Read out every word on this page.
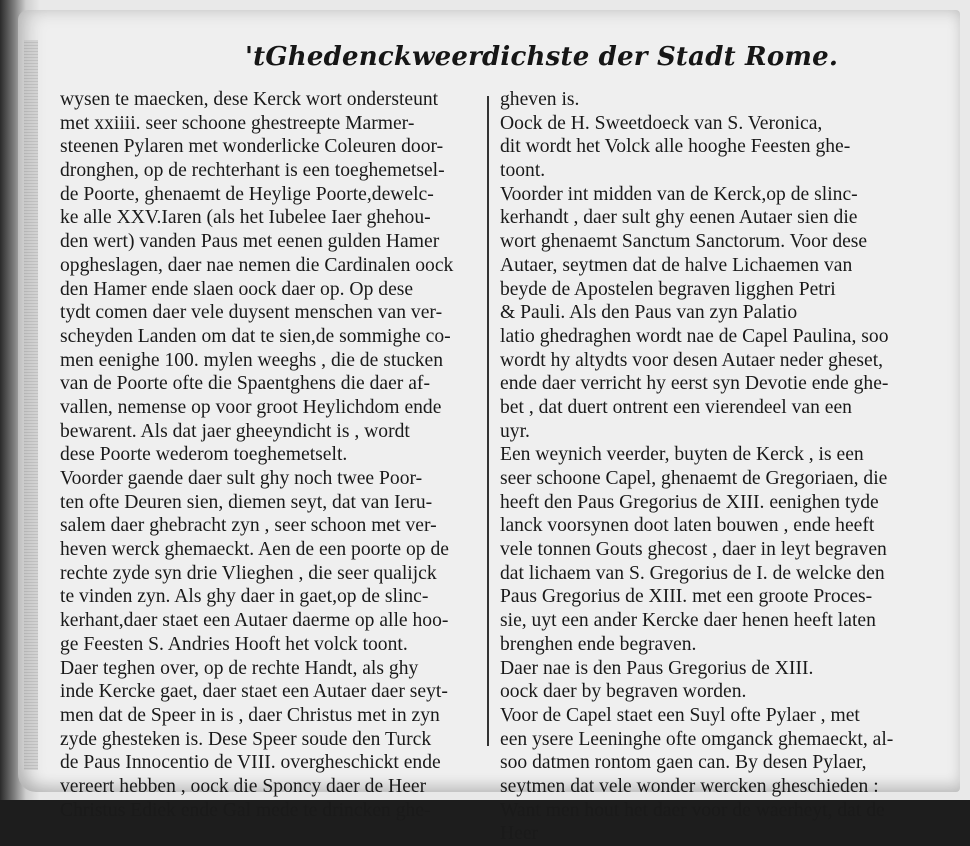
'tGhedenckweerdichste der Stadt Rome.
wysen te maecken, dese Kerck wort ondersteunt
met xxiiii. seer schoone ghestreepte Marmer-
steenen Pylaren met wonderlicke Coleuren door-
dronghen, op de rechterhant is een toeghemetsel-
de Poorte, ghenaemt de Heylige Poorte,dewelc-
ke alle XXV.Iaren (als het Iubelee Iaer ghehou-
den wert) vanden Paus met eenen gulden Hamer
opgheslagen, daer nae nemen die Cardinalen oock
den Hamer ende slaen oock daer op. Op dese
tydt comen daer vele duysent menschen van ver-
scheyden Landen om dat te sien,de sommighe co-
men eenighe 100. mylen weeghs , die de stucken
van de Poorte ofte die Spaentghens die daer af-
vallen, nemense op voor groot Heylichdom ende
bewarent. Als dat jaer gheeyndicht is , wordt
dese Poorte wederom toeghemetselt.
Voorder gaende daer sult ghy noch twee Poor-
ten ofte Deuren sien, diemen seyt, dat van Ieru-
salem daer ghebracht zyn , seer schoon met ver-
heven werck ghemaeckt. Aen de een poorte op de
rechte zyde syn drie Vlieghen , die seer qualijck
te vinden zyn. Als ghy daer in gaet,op de slinc-
kerhant,daer staet een Autaer daerme op alle hoo-
ge Feesten S. Andries Hooft het volck toont.
Daer teghen over, op de rechte Handt, als ghy
inde Kercke gaet, daer staet een Autaer daer seyt-
men dat de Speer in is , daer Christus met in zyn
zyde ghesteken is. Dese Speer soude den Turck
de Paus Innocentio de VIII. overgheschickt ende
vereert hebben , oock die Sponcy daer de Heer
Christus Ediek ende Gal mede te drincken ghe-
gheven is.
Oock de H. Sweetdoeck van S. Veronica,
dit wordt het Volck alle hooghe Feesten ghe-
toont.
Voorder int midden van de Kerck,op de slinc-
kerhandt , daer sult ghy eenen Autaer sien die
wort ghenaemt Sanctum Sanctorum. Voor dese
Autaer, seytmen dat de halve Lichaemen van
beyde de Apostelen begraven ligghen Petri
& Pauli. Als den Paus van zyn Palatio
latio ghedraghen wordt nae de Capel Paulina, soo
wordt hy altydts voor desen Autaer neder gheset,
ende daer verricht hy eerst syn Devotie ende ghe-
bet , dat duert ontrent een vierendeel van een
uyr.
Een weynich veerder, buyten de Kerck , is een
seer schoone Capel, ghenaemt de Gregoriaen, die
heeft den Paus Gregorius de XIII. eenighen tyde
lanck voorsynen doot laten bouwen , ende heeft
vele tonnen Gouts ghecost , daer in leyt begraven
dat lichaem van S. Gregorius de I. de welcke den
Paus Gregorius de XIII. met een groote Proces-
sie, uyt een ander Kercke daer henen heeft laten
brenghen ende begraven.
Daer nae is den Paus Gregorius de XIII.
oock daer by begraven worden.
Voor de Capel staet een Suyl ofte Pylaer , met
een ysere Leeninghe ofte omganck ghemaeckt, al-
soo datmen rontom gaen can. By desen Pylaer,
seytmen dat vele wonder wercken gheschieden :
Want men hout het daer voor de waerheyt, dat de
Heer
